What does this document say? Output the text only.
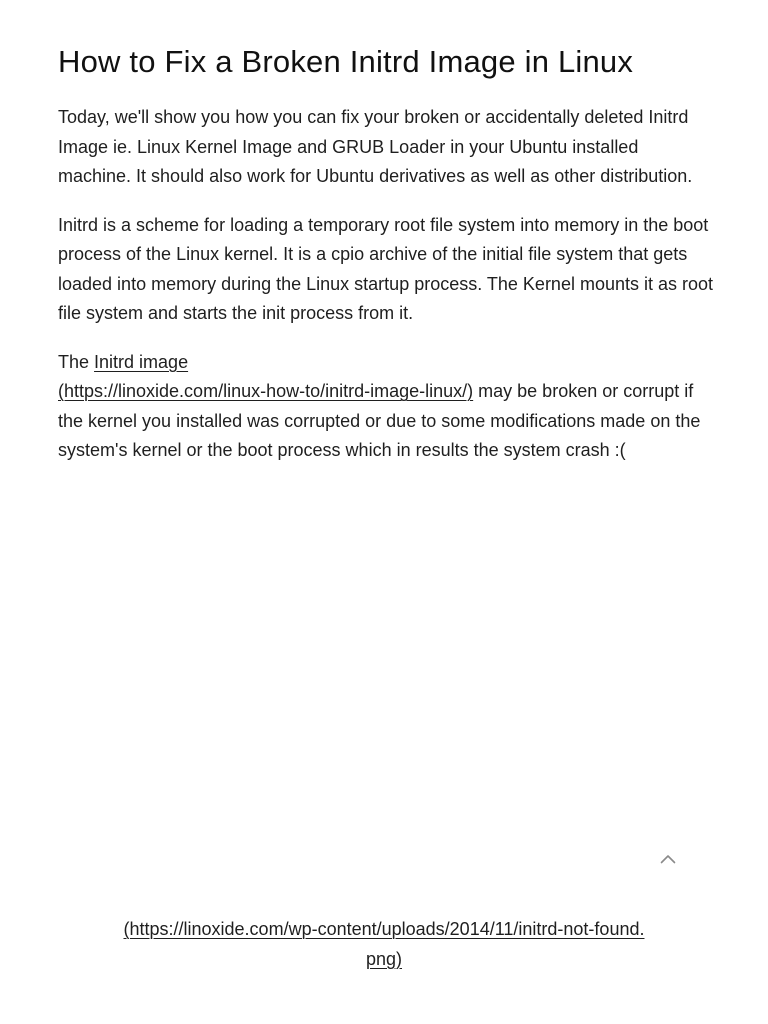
How to Fix a Broken Initrd Image in Linux

Today, we'll show you how you can fix your broken or accidentally deleted Initrd Image ie. Linux Kernel Image and GRUB Loader in your Ubuntu installed machine. It should also work for Ubuntu derivatives as well as other distribution.

Initrd is a scheme for loading a temporary root file system into memory in the boot process of the Linux kernel. It is a cpio archive of the initial file system that gets loaded into memory during the Linux startup process. The Kernel mounts it as root file system and starts the init process from it.

The Initrd image
(https://linoxide.com/linux-how-to/initrd-image-linux/) may be broken or corrupt if the kernel you installed was corrupted or due to some modifications made on the system's kernel or the boot process which in results the system crash :(

(https://linoxide.com/wp-content/uploads/2014/11/initrd-not-found.
png)
